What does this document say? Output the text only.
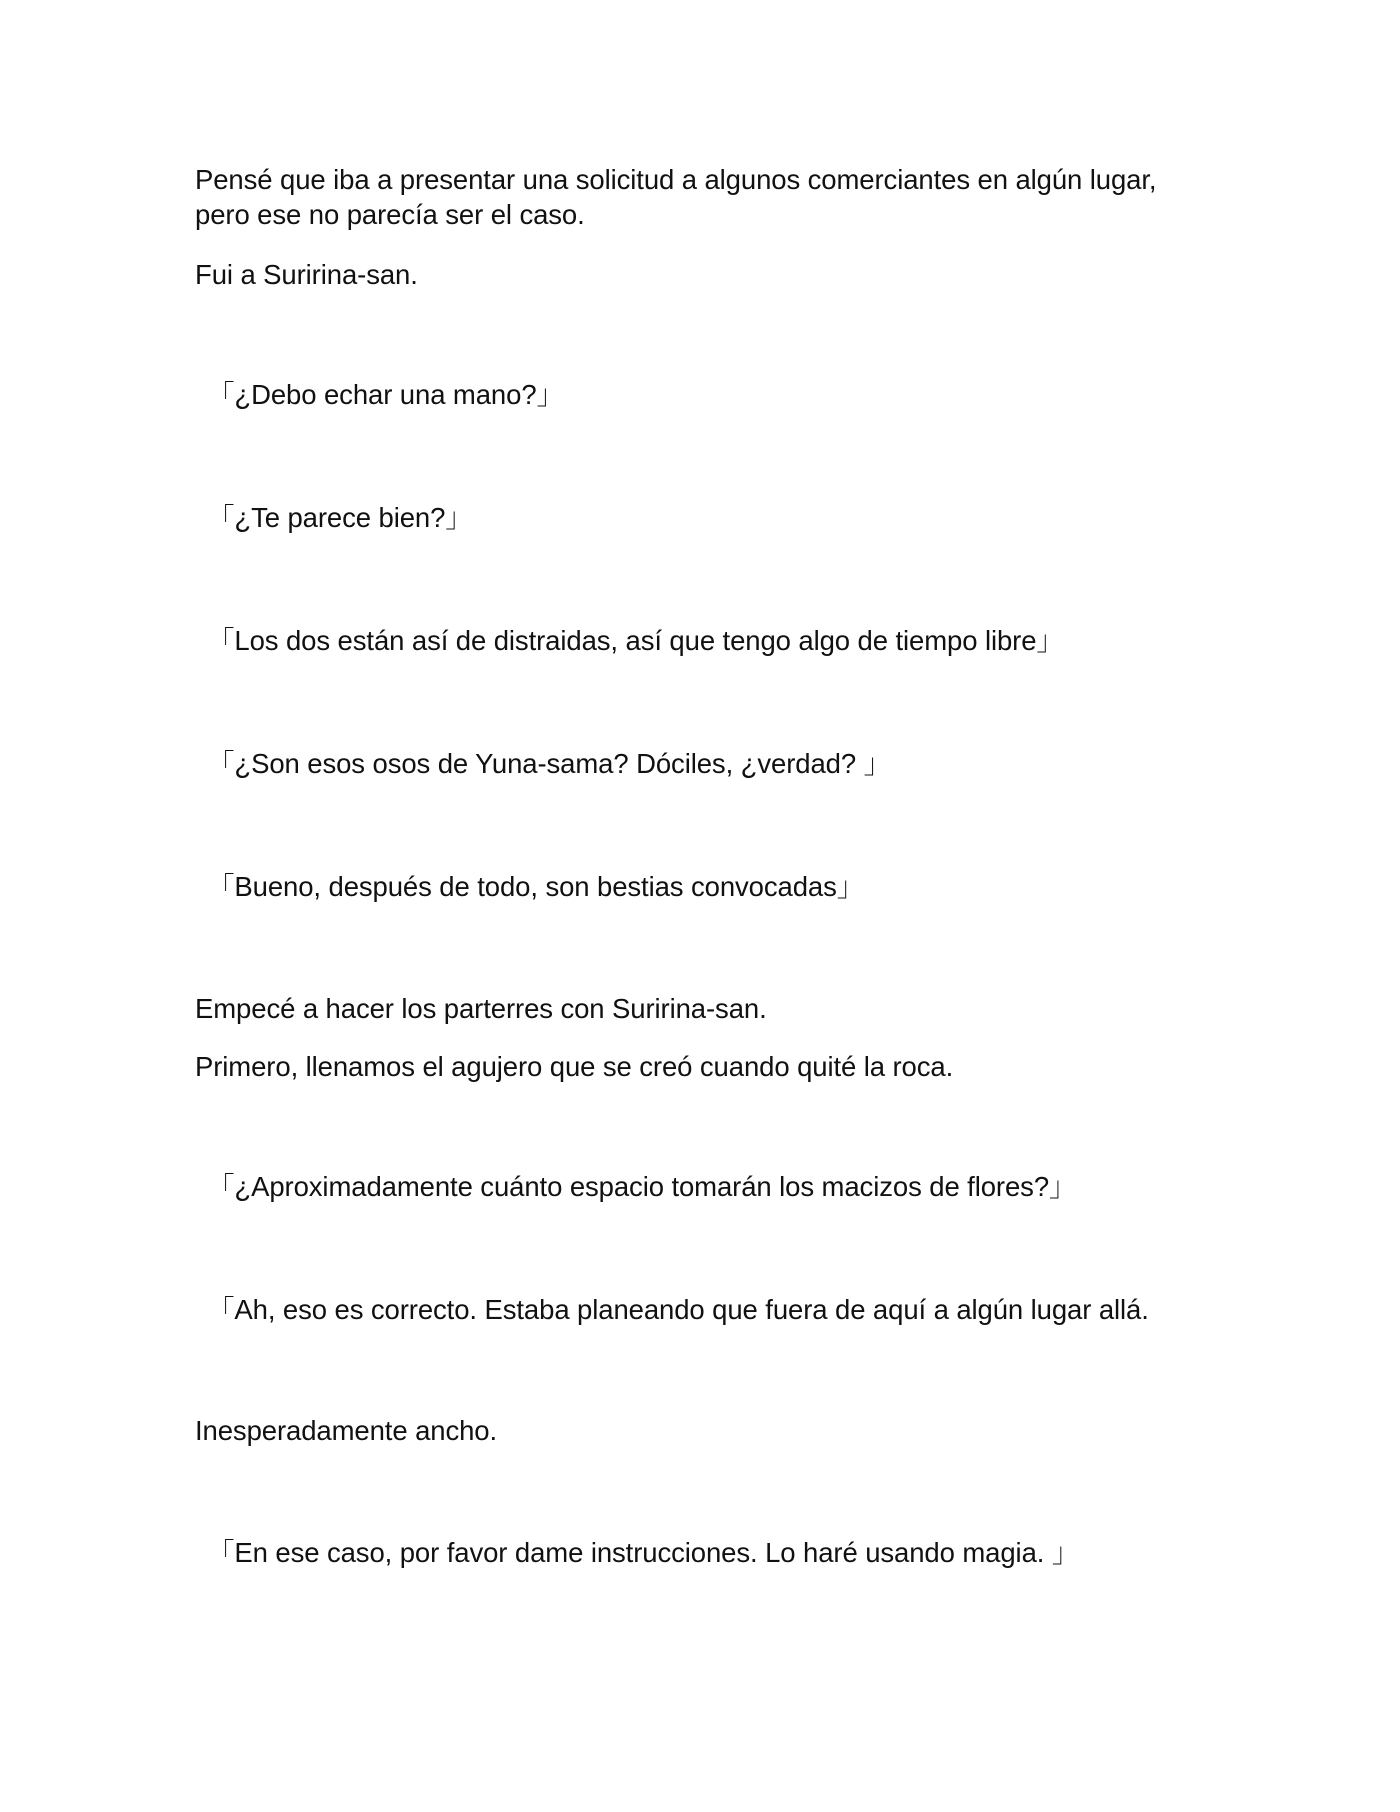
Pensé que iba a presentar una solicitud a algunos comerciantes en algún lugar,

pero ese no parecía ser el caso.

Fui a Suririna-san.

「¿Debo echar una mano?」

「¿Te parece bien?」

「Los dos están así de distraidas, así que tengo algo de tiempo libre」

「¿Son esos osos de Yuna-sama? Dóciles, ¿verdad? 」

「Bueno, después de todo, son bestias convocadas」

Empecé a hacer los parterres con Suririna-san.

Primero, llenamos el agujero que se creó cuando quité la roca.

「¿Aproximadamente cuánto espacio tomarán los macizos de flores?」

「Ah, eso es correcto. Estaba planeando que fuera de aquí a algún lugar allá.

Inesperadamente ancho.

「En ese caso, por favor dame instrucciones. Lo haré usando magia. 」
